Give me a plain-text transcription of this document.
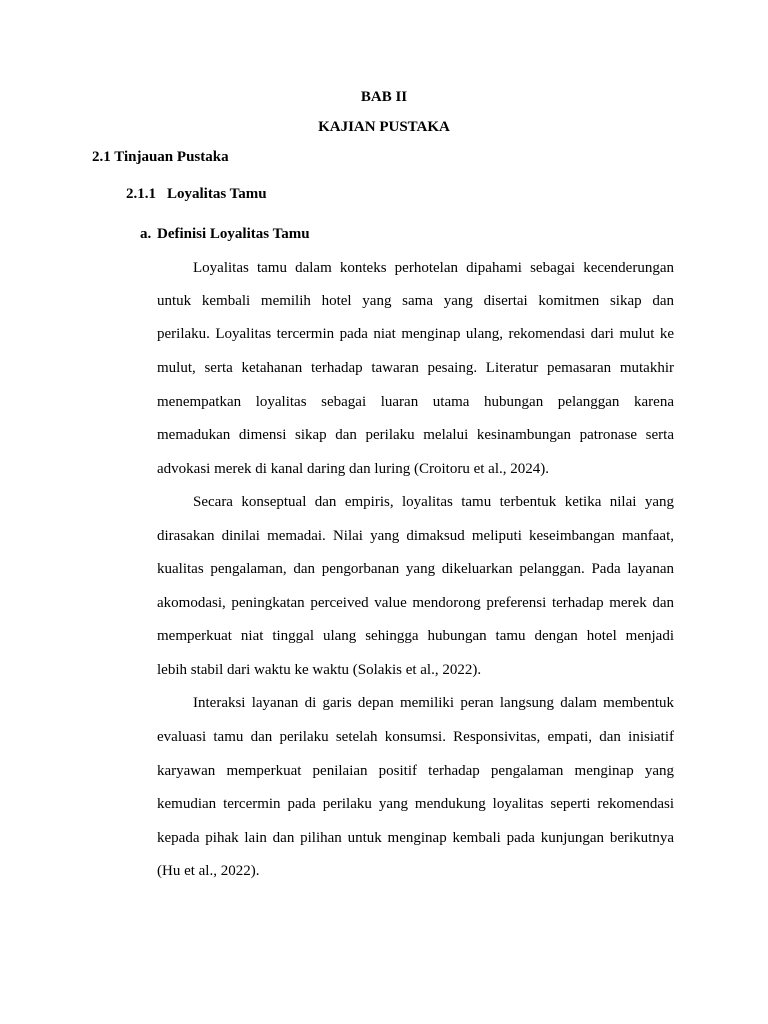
BAB II
KAJIAN PUSTAKA
2.1 Tinjauan Pustaka
2.1.1 Loyalitas Tamu
a. Definisi Loyalitas Tamu
Loyalitas tamu dalam konteks perhotelan dipahami sebagai kecenderungan
untuk kembali memilih hotel yang sama yang disertai komitmen sikap dan
perilaku. Loyalitas tercermin pada niat menginap ulang, rekomendasi dari mulut ke
mulut, serta ketahanan terhadap tawaran pesaing. Literatur pemasaran mutakhir
menempatkan loyalitas sebagai luaran utama hubungan pelanggan karena
memadukan dimensi sikap dan perilaku melalui kesinambungan patronase serta
advokasi merek di kanal daring dan luring (Croitoru et al., 2024).
Secara konseptual dan empiris, loyalitas tamu terbentuk ketika nilai yang
dirasakan dinilai memadai. Nilai yang dimaksud meliputi keseimbangan manfaat,
kualitas pengalaman, dan pengorbanan yang dikeluarkan pelanggan. Pada layanan
akomodasi, peningkatan perceived value mendorong preferensi terhadap merek dan
memperkuat niat tinggal ulang sehingga hubungan tamu dengan hotel menjadi
lebih stabil dari waktu ke waktu (Solakis et al., 2022).
Interaksi layanan di garis depan memiliki peran langsung dalam membentuk
evaluasi tamu dan perilaku setelah konsumsi. Responsivitas, empati, dan inisiatif
karyawan memperkuat penilaian positif terhadap pengalaman menginap yang
kemudian tercermin pada perilaku yang mendukung loyalitas seperti rekomendasi
kepada pihak lain dan pilihan untuk menginap kembali pada kunjungan berikutnya
(Hu et al., 2022).
